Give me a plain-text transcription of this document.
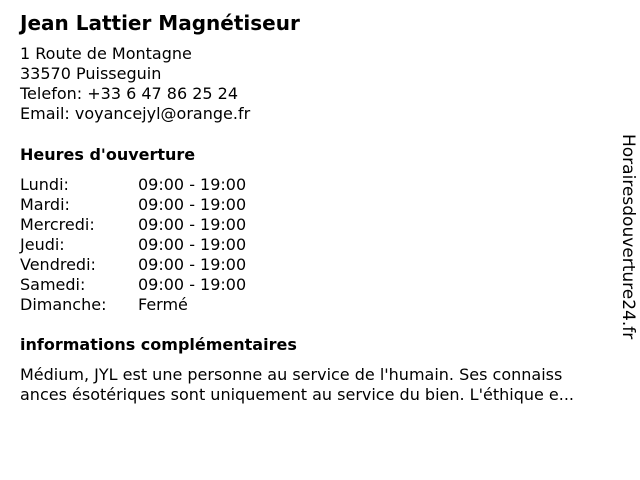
Jean Lattier Magnétiseur
1 Route de Montagne
33570 Puisseguin
Telefon: +33 6 47 86 25 24
Email: voyancejyl@orange.fr
Heures d'ouverture
Lundi:	09:00 - 19:00
Mardi:	09:00 - 19:00
Mercredi:	09:00 - 19:00
Jeudi:	09:00 - 19:00
Vendredi:	09:00 - 19:00
Samedi:	09:00 - 19:00
Dimanche: Fermé
informations complémentaires
Médium, JYL est une personne au service de l'humain. Ses connaiss
ances ésotériques sont uniquement au service du bien. L'éthique e...
Horairesdouverture24.fr
